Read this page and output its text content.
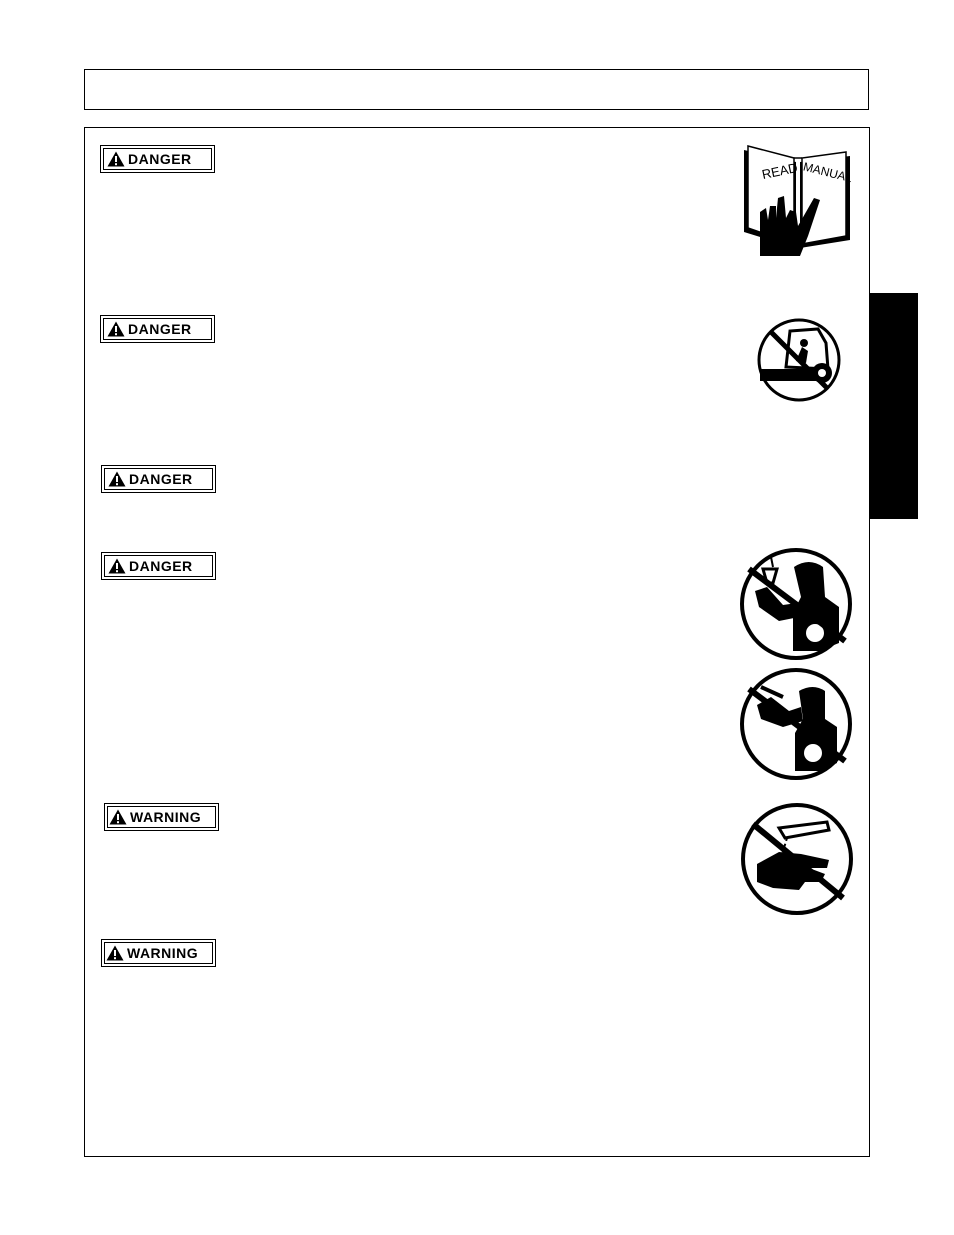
DANGER
DANGER
DANGER
DANGER
WARNING
WARNING
READ MANUAL
